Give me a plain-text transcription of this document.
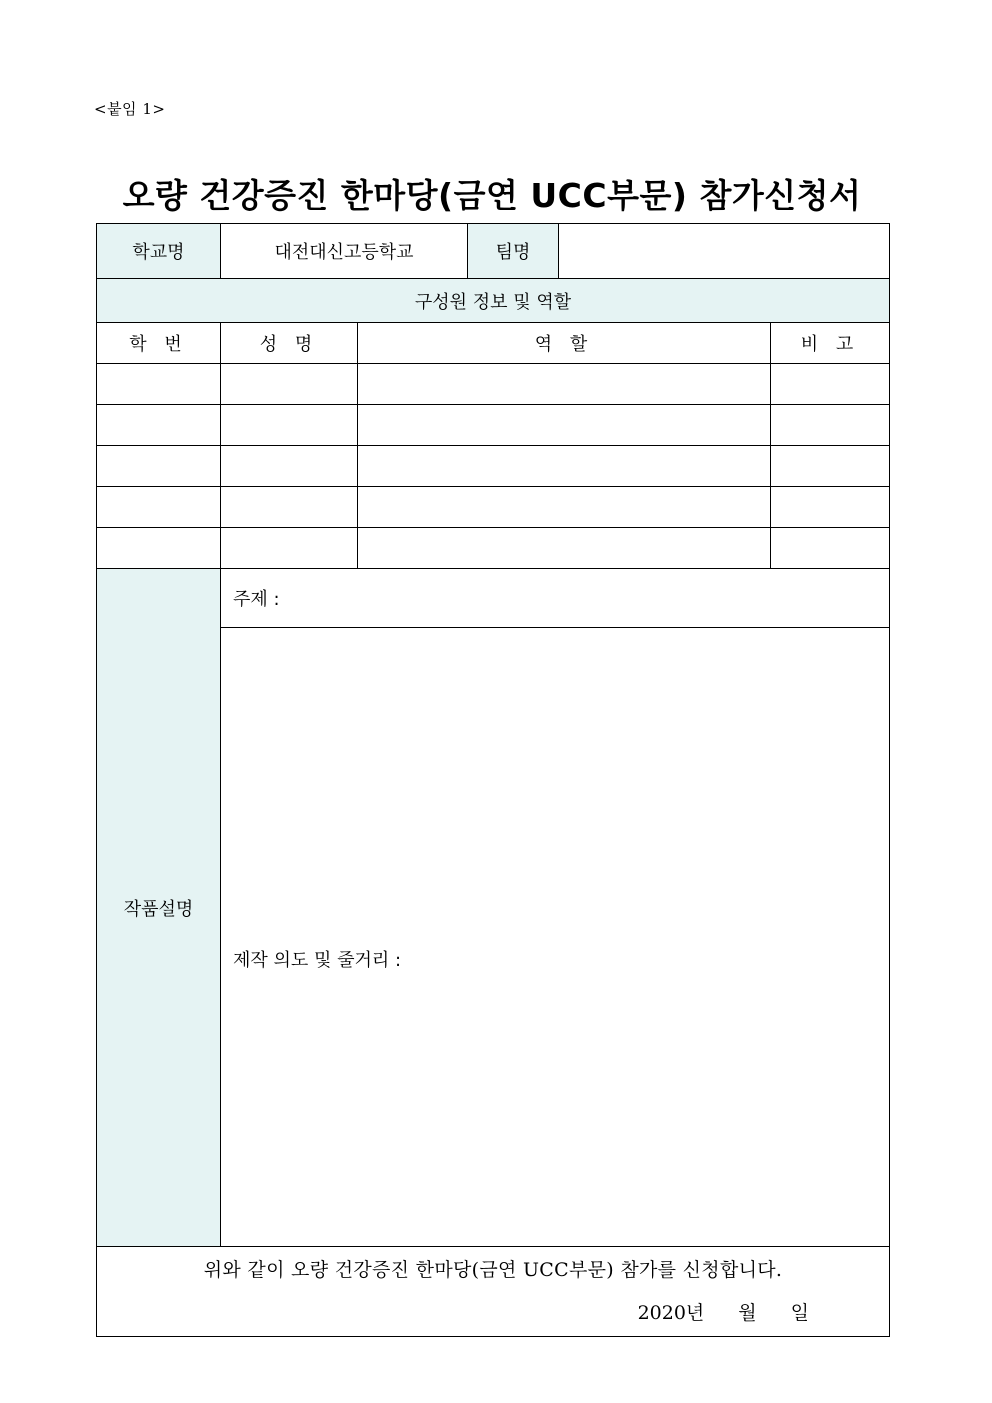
<붙임 1>
오량 건강증진 한마당(금연 UCC부문) 참가신청서
학교명	대전대신고등학교		팀명		
구성원 정보 및 역할					
학 번	성 명	역 할			비 고

작품설명	주제 :				
	제작 의도 및 줄거리 :				

위와 같이 오량 건강증진 한마당(금연 UCC부문) 참가를 신청합니다.
2020년 월 일					
